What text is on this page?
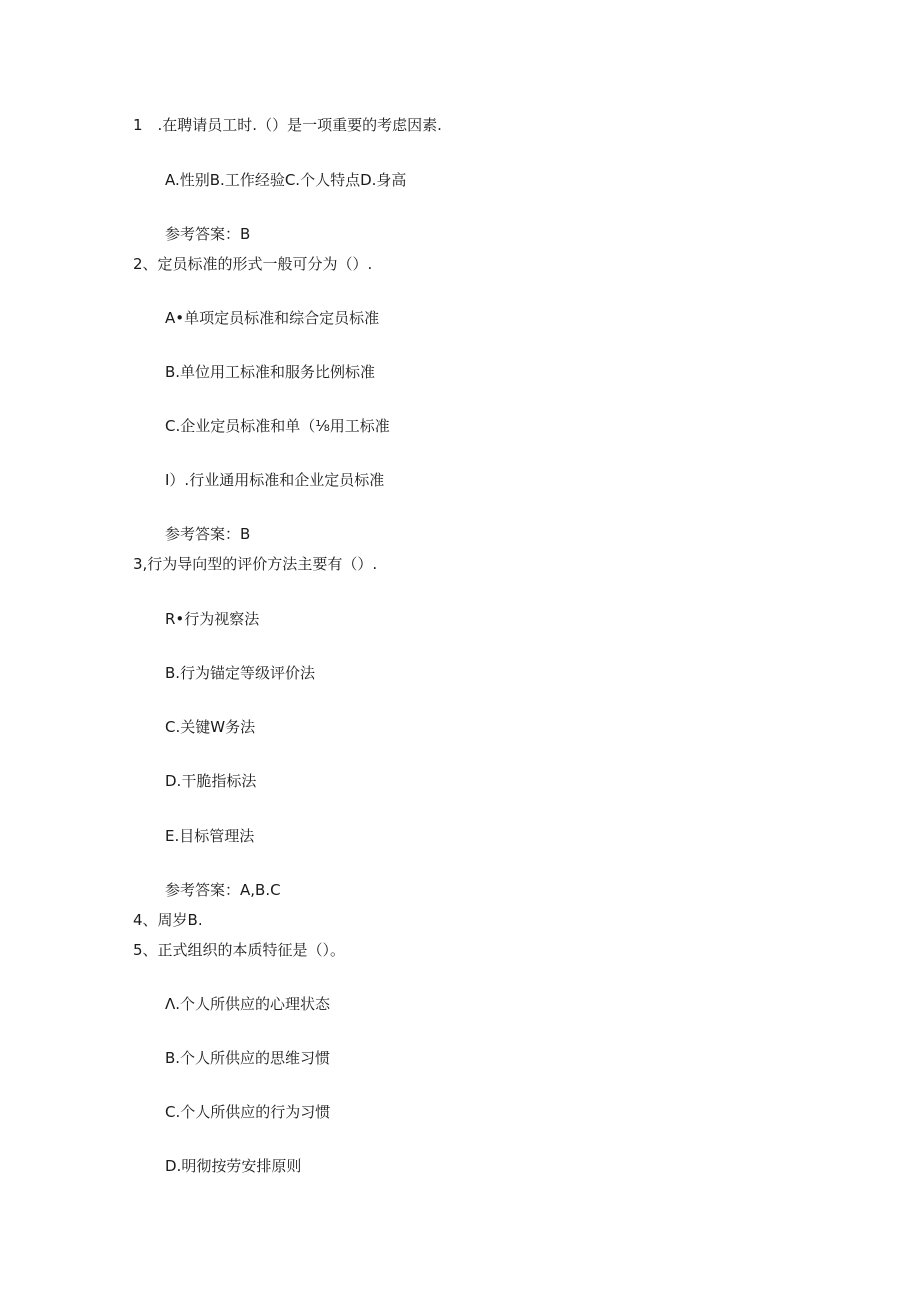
1　.在聘请员工时.（）是一项重要的考虑因素.
A.性别B.工作经验C.个人特点D.身高
参考答案：B
2、定员标准的形式一般可分为（）.
A•单项定员标准和综合定员标准
B.单位用工标准和服务比例标准
C.企业定员标准和单（⅛用工标准
I）.行业通用标准和企业定员标准
参考答案：B
3,行为导向型的评价方法主要有（）.
R•行为视察法
B.行为锚定等级评价法
C.关键W务法
D.干脆指标法
E.目标管理法
参考答案：A,B.C
4、周岁B.
5、正式组织的本质特征是（）。
Λ.个人所供应的心理状态
B.个人所供应的思维习惯
C.个人所供应的行为习惯
D.明彻按劳安排原则
